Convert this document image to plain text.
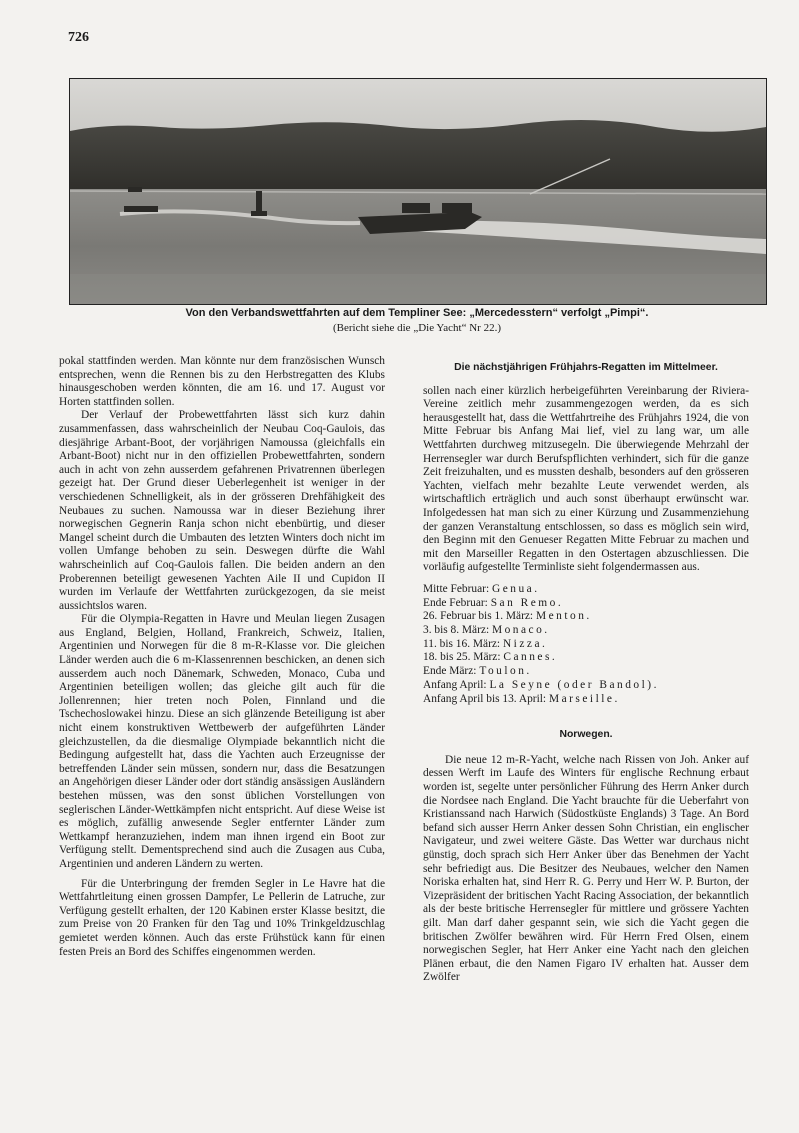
726
Von den Verbandswettfahrten auf dem Templiner See: „Mercedesstern“ verfolgt „Pimpi“.
(Bericht siehe die „Die Yacht“ Nr 22.)

pokal stattfinden werden. Man könnte nur dem französischen Wunsch entsprechen, wenn die Rennen bis zu den Herbstregatten des Klubs hinausgeschoben werden könnten, die am 16. und 17. August vor Horten stattfinden sollen.

Der Verlauf der Probewettfahrten lässt sich kurz dahin zusammenfassen, dass wahrscheinlich der Neubau Coq-Gaulois, das diesjährige Arbant-Boot, der vorjährigen Namoussa (gleichfalls ein Arbant-Boot) nicht nur in den offiziellen Probewettfahrten, sondern auch in acht von zehn ausserdem gefahrenen Privatrennen überlegen gezeigt hat. Der Grund dieser Ueberlegenheit ist weniger in der verschiedenen Schnelligkeit, als in der grösseren Drehfähigkeit des Neubaues zu suchen. Namoussa war in dieser Beziehung ihrer norwegischen Gegnerin Ranja schon nicht ebenbürtig, und dieser Mangel scheint durch die Umbauten des letzten Winters doch nicht im vollen Umfange behoben zu sein. Deswegen dürfte die Wahl wahrscheinlich auf Coq-Gaulois fallen. Die beiden andern an den Proberennen beteiligt gewesenen Yachten Aile II und Cupidon II wurden im Verlaufe der Wettfahrten zurückgezogen, da sie meist aussichtslos waren.

Für die Olympia-Regatten in Havre und Meulan liegen Zusagen aus England, Belgien, Holland, Frankreich, Schweiz, Italien, Argentinien und Norwegen für die 8 m-R-Klasse vor. Die gleichen Länder werden auch die 6 m-Klassenrennen beschicken, an denen sich ausserdem auch noch Dänemark, Schweden, Monaco, Cuba und Argentinien beteiligen wollen; das gleiche gilt auch für die Jollenrennen; hier treten noch Polen, Finnland und die Tschechoslowakei hinzu. Diese an sich glänzende Beteiligung ist aber nicht einem konstruktiven Wettbewerb der aufgeführten Länder gleichzustellen, da die diesmalige Olympiade bekanntlich nicht die Bedingung aufgestellt hat, dass die Yachten auch Erzeugnisse der betreffenden Länder sein müssen, sondern nur, dass die Besatzungen an Angehörigen dieser Länder oder dort ständig ansässigen Ausländern bestehen müssen, was den sonst üblichen Vorstellungen von seglerischen Länder-Wettkämpfen nicht entspricht. Auf diese Weise ist es möglich, zufällig anwesende Segler entfernter Länder zum Wettkampf heranzuziehen, indem man ihnen irgend ein Boot zur Verfügung stellt. Dementsprechend sind auch die Zusagen aus Cuba, Argentinien und anderen Ländern zu werten.

Für die Unterbringung der fremden Segler in Le Havre hat die Wettfahrtleitung einen grossen Dampfer, Le Pellerin de Latruche, zur Verfügung gestellt erhalten, der 120 Kabinen erster Klasse besitzt, die zum Preise von 20 Franken für den Tag und 10% Trinkgeldzuschlag gemietet werden können. Auch das erste Frühstück kann für einen festen Preis an Bord des Schiffes eingenommen werden.

Die nächstjährigen Frühjahrs-Regatten im Mittelmeer.

sollen nach einer kürzlich herbeigeführten Vereinbarung der Riviera-Vereine zeitlich mehr zusammengezogen werden, da es sich herausgestellt hat, dass die Wettfahrtreihe des Frühjahrs 1924, die von Mitte Februar bis Anfang Mai lief, viel zu lang war, um alle Wettfahrten durchweg mitzusegeln. Die überwiegende Mehrzahl der Herrensegler war durch Berufspflichten verhindert, sich für die ganze Zeit freizuhalten, und es mussten deshalb, besonders auf den grösseren Yachten, vielfach mehr bezahlte Leute verwendet werden, als wirtschaftlich erträglich und auch sonst überhaupt erwünscht war. Infolgedessen hat man sich zu einer Kürzung und Zusammenziehung der ganzen Veranstaltung entschlossen, so dass es möglich sein wird, den Beginn mit den Genueser Regatten Mitte Februar zu machen und mit den Marseiller Regatten in den Ostertagen abzuschliessen. Die vorläufig aufgestellte Terminliste sieht folgendermassen aus.

Mitte Februar: Genua.
Ende Februar: San Remo.
26. Februar bis 1. März: Menton.
3. bis 8. März: Monaco.
11. bis 16. März: Nizza.
18. bis 25. März: Cannes.
Ende März: Toulon.
Anfang April: La Seyne (oder Bandol).
Anfang April bis 13. April: Marseille.
Norwegen.

Die neue 12 m-R-Yacht, welche nach Rissen von Joh. Anker auf dessen Werft im Laufe des Winters für englische Rechnung erbaut worden ist, segelte unter persönlicher Führung des Herrn Anker durch die Nordsee nach England. Die Yacht brauchte für die Ueberfahrt von Kristianssand nach Harwich (Südostküste Englands) 3 Tage. An Bord befand sich ausser Herrn Anker dessen Sohn Christian, ein englischer Navigateur, und zwei weitere Gäste. Das Wetter war durchaus nicht günstig, doch sprach sich Herr Anker über das Benehmen der Yacht sehr befriedigt aus. Die Besitzer des Neubaues, welcher den Namen Noriska erhalten hat, sind Herr R. G. Perry und Herr W. P. Burton, der Vizepräsident der britischen Yacht Racing Association, der bekanntlich als der beste britische Herrensegler für mittlere und grössere Yachten gilt. Man darf daher gespannt sein, wie sich die Yacht gegen die britischen Zwölfer bewähren wird. Für Herrn Fred Olsen, einem norwegischen Segler, hat Herr Anker eine Yacht nach den gleichen Plänen erbaut, die den Namen Figaro IV erhalten hat. Ausser dem Zwölfer
